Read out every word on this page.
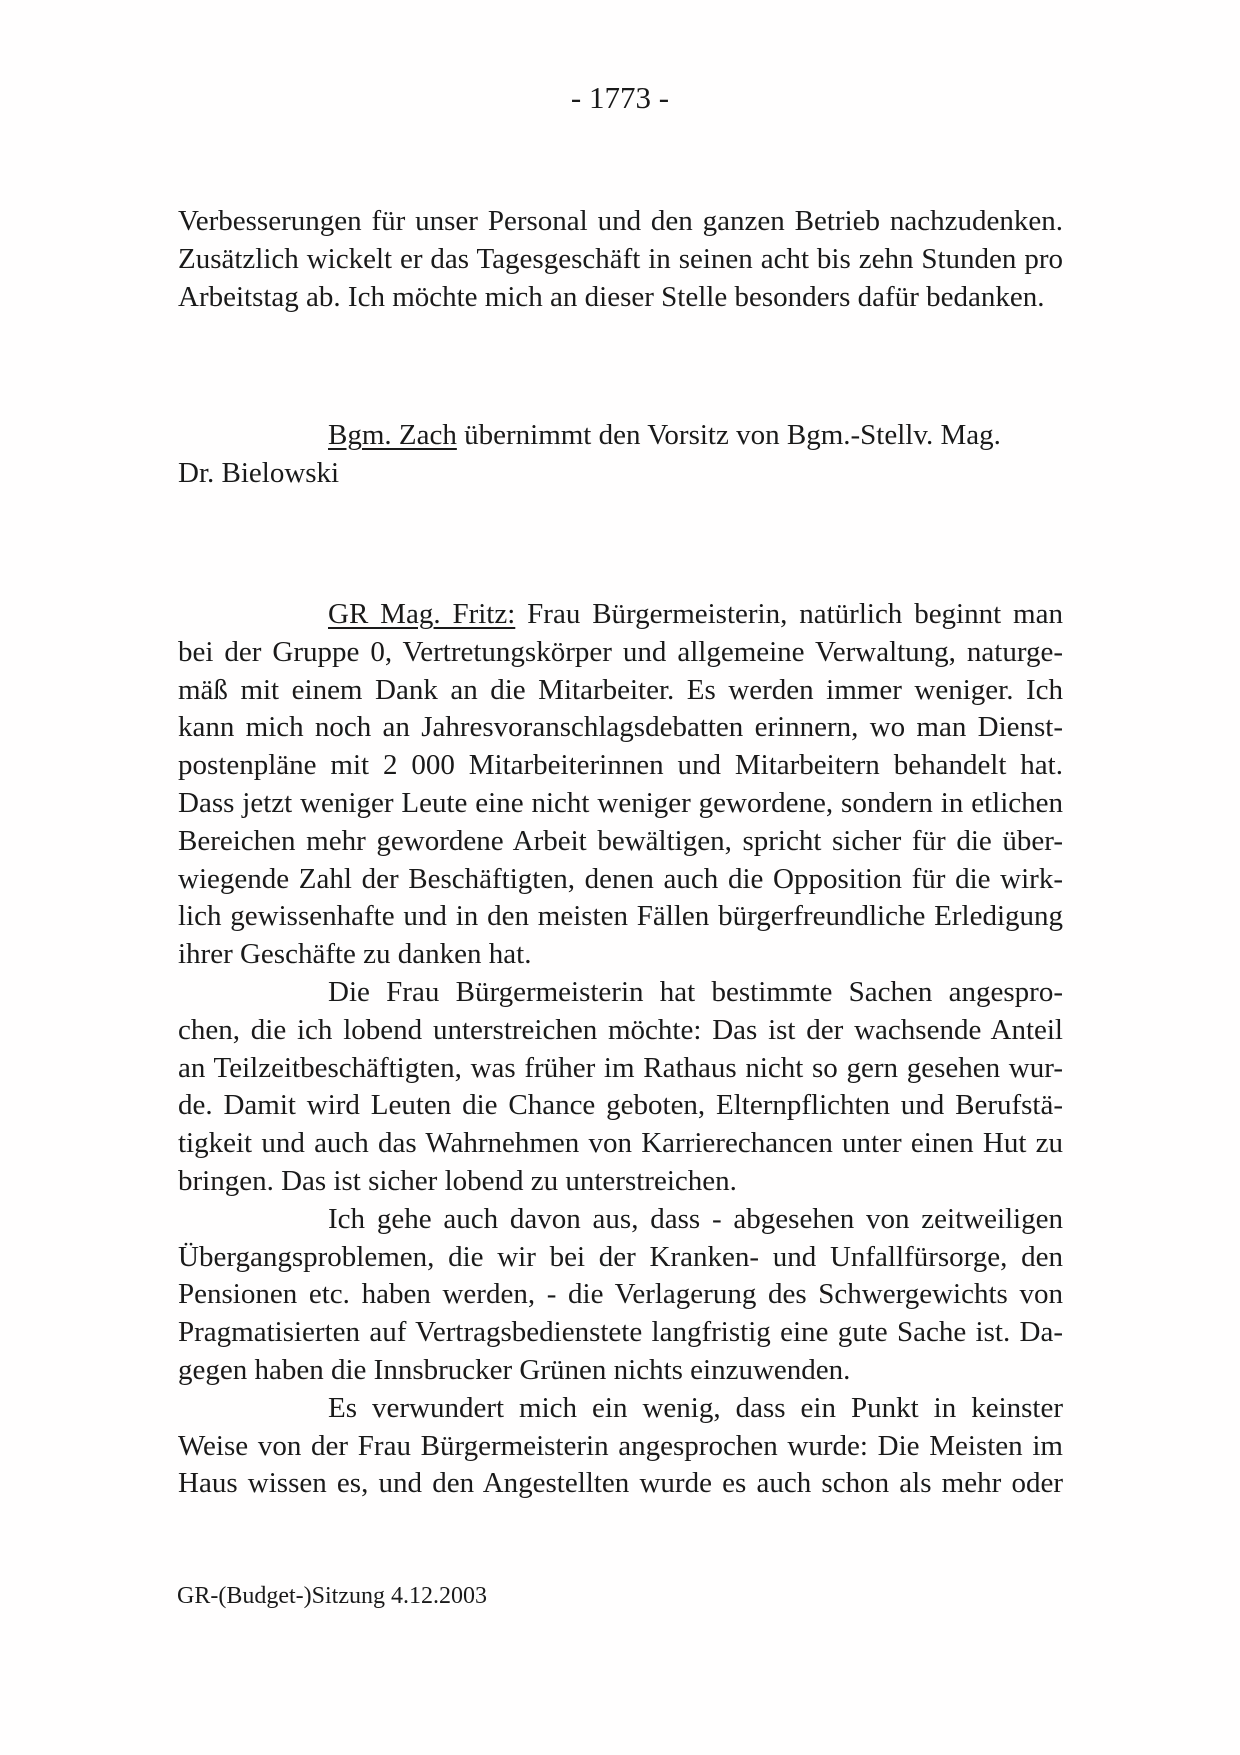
- 1773 -
Verbesserungen für unser Personal und den ganzen Betrieb nachzudenken.
Zusätzlich wickelt er das Tagesgeschäft in seinen acht bis zehn Stunden pro
Arbeitstag ab. Ich möchte mich an dieser Stelle besonders dafür bedanken.
Bgm. Zach übernimmt den Vorsitz von Bgm.-Stellv. Mag.
Dr. Bielowski
GR Mag. Fritz: Frau Bürgermeisterin, natürlich beginnt man
bei der Gruppe 0, Vertretungskörper und allgemeine Verwaltung, naturge-
mäß mit einem Dank an die Mitarbeiter. Es werden immer weniger. Ich
kann mich noch an Jahresvoranschlagsdebatten erinnern, wo man Dienst-
postenpläne mit 2 000 Mitarbeiterinnen und Mitarbeitern behandelt hat.
Dass jetzt weniger Leute eine nicht weniger gewordene, sondern in etlichen
Bereichen mehr gewordene Arbeit bewältigen, spricht sicher für die über-
wiegende Zahl der Beschäftigten, denen auch die Opposition für die wirk-
lich gewissenhafte und in den meisten Fällen bürgerfreundliche Erledigung
ihrer Geschäfte zu danken hat.
Die Frau Bürgermeisterin hat bestimmte Sachen angespro-
chen, die ich lobend unterstreichen möchte: Das ist der wachsende Anteil
an Teilzeitbeschäftigten, was früher im Rathaus nicht so gern gesehen wur-
de. Damit wird Leuten die Chance geboten, Elternpflichten und Berufstä-
tigkeit und auch das Wahrnehmen von Karrierechancen unter einen Hut zu
bringen. Das ist sicher lobend zu unterstreichen.
Ich gehe auch davon aus, dass - abgesehen von zeitweiligen
Übergangsproblemen, die wir bei der Kranken- und Unfallfürsorge, den
Pensionen etc. haben werden, - die Verlagerung des Schwergewichts von
Pragmatisierten auf Vertragsbedienstete langfristig eine gute Sache ist. Da-
gegen haben die Innsbrucker Grünen nichts einzuwenden.
Es verwundert mich ein wenig, dass ein Punkt in keinster
Weise von der Frau Bürgermeisterin angesprochen wurde: Die Meisten im
Haus wissen es, und den Angestellten wurde es auch schon als mehr oder
GR-(Budget-)Sitzung 4.12.2003
